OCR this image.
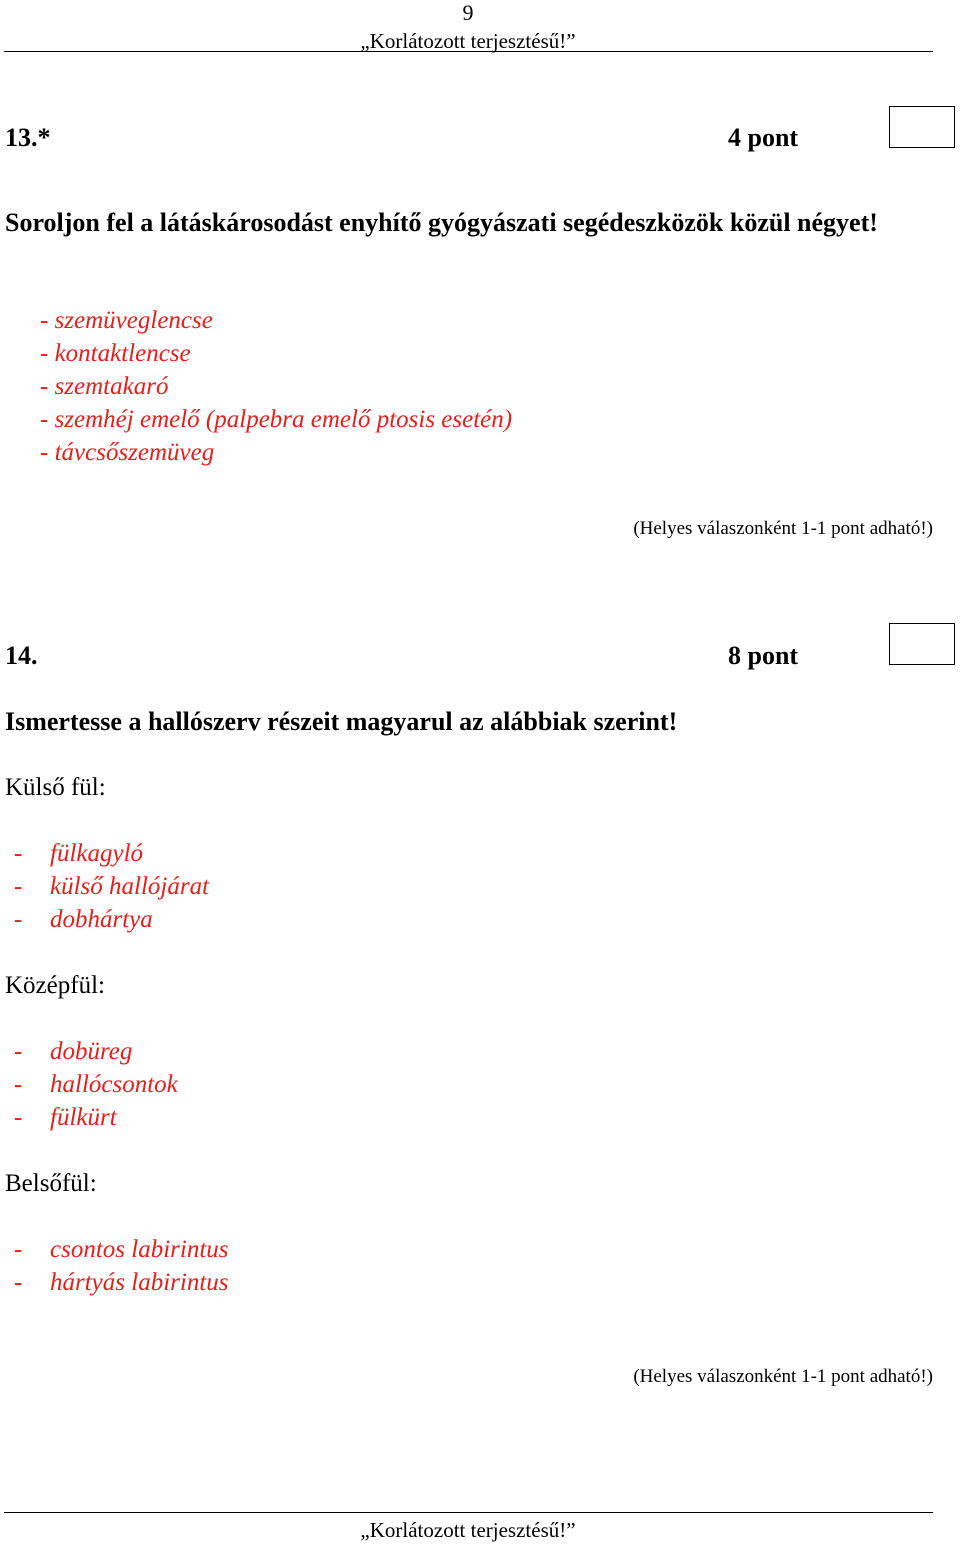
9
„Korlátozott terjesztésű!”
13.*	4 pont
Soroljon fel a látáskárosodást enyhítő gyógyászati segédeszközök közül négyet!
- szemüveglencse
- kontaktlencse
- szemtakaró
- szemhéj emelő (palpebra emelő ptosis esetén)
- távcsőszemüveg
(Helyes válaszonként 1-1 pont adható!)
14.	8 pont
Ismertesse a hallószerv részeit magyarul az alábbiak szerint!
Külső fül:
- fülkagyló
- külső hallójárat
- dobhártya
Középfül:
- dobüreg
- hallócsontok
- fülkürt
Belsőfül:
- csontos labirintus
- hártyás labirintus
(Helyes válaszonként 1-1 pont adható!)
„Korlátozott terjesztésű!”
